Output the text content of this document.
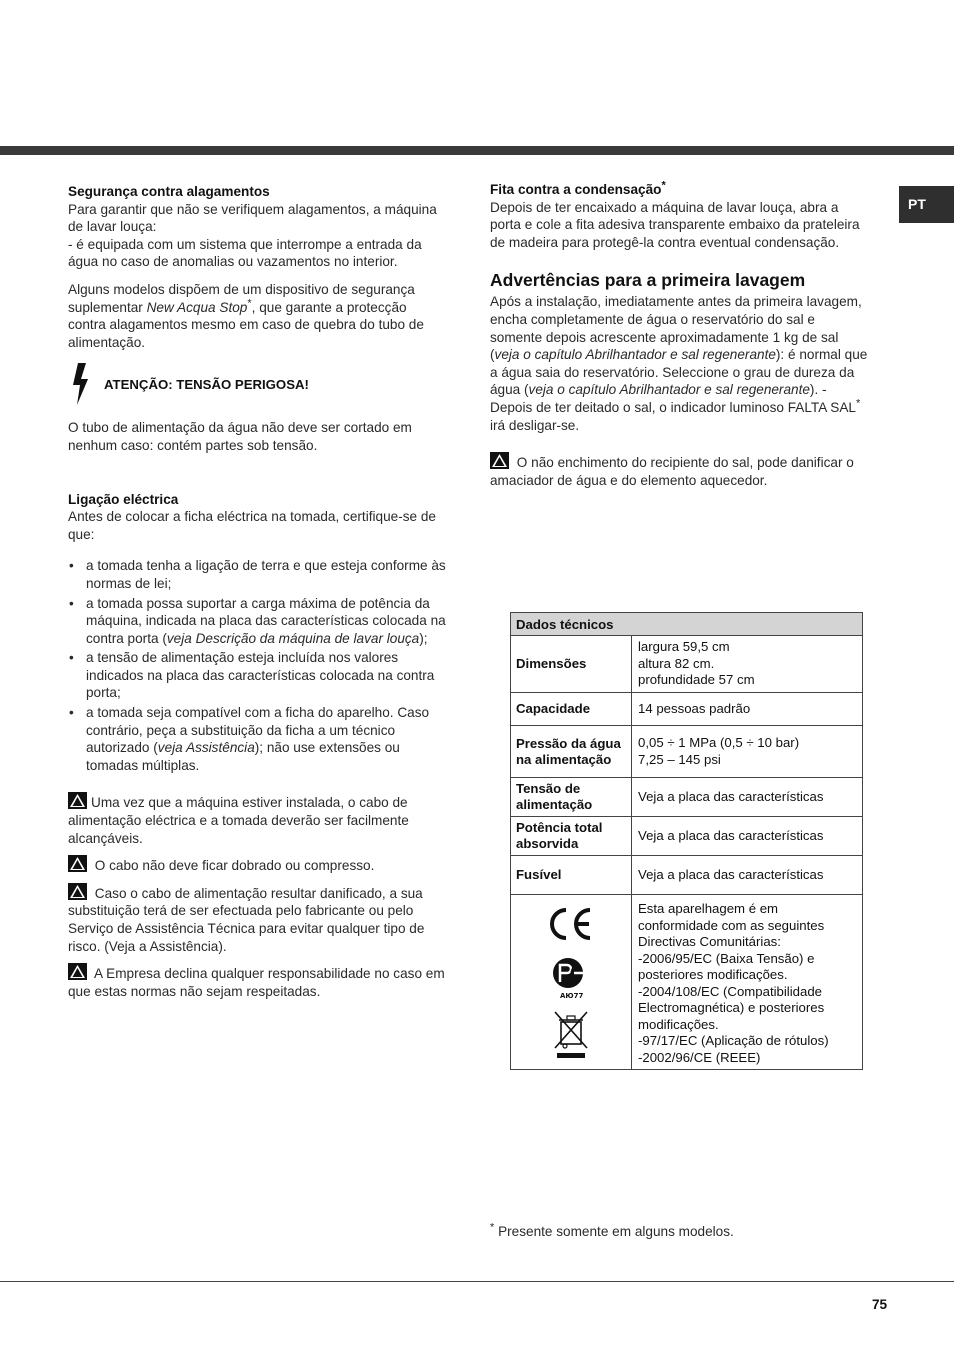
PT
Segurança contra alagamentos
Para garantir que não se verifiquem alagamentos, a máquina de lavar louça:
- é equipada com um sistema que interrompe a entrada da água no caso de anomalias ou vazamentos no interior.
Alguns modelos dispõem de um dispositivo de segurança suplementar New Acqua Stop*, que garante a protecção contra alagamentos mesmo em caso de quebra do tubo de alimentação.
ATENÇÃO: TENSÃO PERIGOSA!
O tubo de alimentação da água não deve ser cortado em nenhum caso: contém partes sob tensão.
Ligação eléctrica
Antes de colocar a ficha eléctrica na tomada, certifique-se de que:
• a tomada tenha a ligação de terra e que esteja conforme às normas de lei;
• a tomada possa suportar a carga máxima de potência da máquina, indicada na placa das características colocada na contra porta (veja Descrição da máquina de lavar louça);
• a tensão de alimentação esteja incluída nos valores indicados na placa das características colocada na contra porta;
• a tomada seja compatível com a ficha do aparelho. Caso contrário, peça a substituição da ficha a um técnico autorizado (veja Assistência); não use extensões ou tomadas múltiplas.
Uma vez que a máquina estiver instalada, o cabo de alimentação eléctrica e a tomada deverão ser facilmente alcançáveis.
O cabo não deve ficar dobrado ou compresso.
Caso o cabo de alimentação resultar danificado, a sua substituição terá de ser efectuada pelo fabricante ou pelo Serviço de Assistência Técnica para evitar qualquer tipo de risco. (Veja a Assistência).
A Empresa declina qualquer responsabilidade no caso em que estas normas não sejam respeitadas.
Fita contra a condensação*
Depois de ter encaixado a máquina de lavar louça, abra a porta e cole a fita adesiva transparente embaixo da prateleira de madeira para protegê-la contra eventual condensação.
Advertências para a primeira lavagem
Após a instalação, imediatamente antes da primeira lavagem, encha completamente de água o reservatório do sal e somente depois acrescente aproximadamente 1 kg de sal (veja o capítulo Abrilhantador e sal regenerante): é normal que a água saia do reservatório. Seleccione o grau de dureza da água (veja o capítulo Abrilhantador e sal regenerante). - Depois de ter deitado o sal, o indicador luminoso FALTA SAL* irá desligar-se.
O não enchimento do recipiente do sal, pode danificar o amaciador de água e do elemento aquecedor.
Dados técnicos	
Dimensões	largura 59,5 cm
altura 82 cm.
profundidade 57 cm

Capacidade	14 pessoas padrão
Pressão da água na alimentação	0,05 ÷ 1 MPa (0,5 ÷ 10 bar)
7,25 – 145 psi

Tensão de alimentação	Veja a placa das características
Potência total absorvida	Veja a placa das características
Fusível	Veja a placa das características

АЮ77	Esta aparelhagem é em conformidade com as seguintes Directivas Comunitárias:
-2006/95/EC (Baixa Tensão) e posteriores modificações.
-2004/108/EC (Compatibilidade Electromagnética) e posteriores modificações.
-97/17/EC (Aplicação de rótulos)
-2002/96/CE (REEE)
* Presente somente em alguns modelos.
75
